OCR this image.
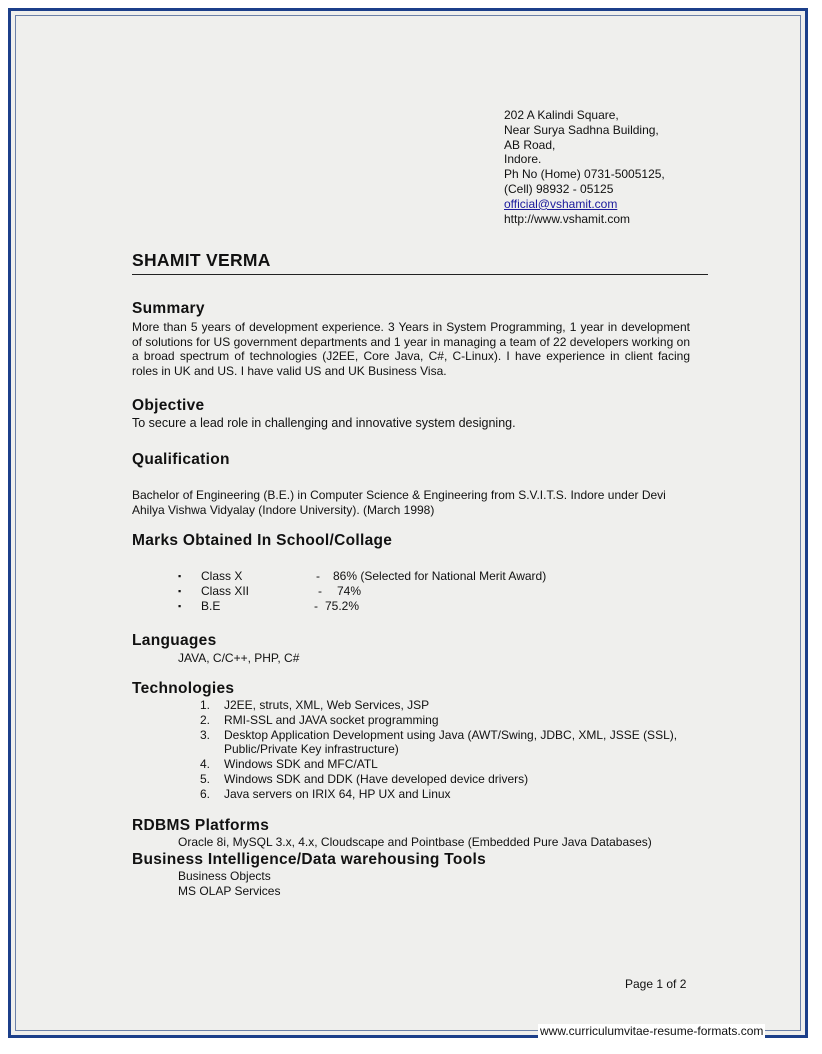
202 A Kalindi Square,
Near Surya Sadhna Building,
AB Road,
Indore.
Ph No (Home) 0731-5005125,
(Cell) 98932 - 05125
official@vshamit.com
http://www.vshamit.com
SHAMIT VERMA
Summary
More than 5 years of development experience. 3 Years in System Programming, 1 year in development of solutions for US government departments and 1 year in managing a team of 22 developers working on a broad spectrum of technologies (J2EE, Core Java, C#, C-Linux). I have experience in client facing roles in UK and US. I have valid US and UK Business Visa.
Objective
To secure a lead role in challenging and innovative system designing.
Qualification
Bachelor of Engineering (B.E.) in Computer Science & Engineering from S.V.I.T.S. Indore under Devi Ahilya Vishwa Vidyalay (Indore University). (March 1998)
Marks Obtained In School/Collage
▪ Class X	- 86% (Selected for National Merit Award)
▪ Class XII	- 74%
▪ B.E	- 75.2%
Languages
JAVA, C/C++, PHP, C#
Technologies
1. J2EE, struts, XML, Web Services, JSP
2. RMI-SSL and JAVA socket programming
3. Desktop Application Development using Java (AWT/Swing, JDBC, XML, JSSE (SSL), Public/Private Key infrastructure)
4. Windows SDK and MFC/ATL
5. Windows SDK and DDK (Have developed device drivers)
6. Java servers on IRIX 64, HP UX and Linux
RDBMS Platforms
Oracle 8i, MySQL 3.x, 4.x, Cloudscape and Pointbase (Embedded Pure Java Databases)
Business Intelligence/Data warehousing Tools
Business Objects
MS OLAP Services
Page 1 of 2
www.curriculumvitae-resume-formats.com
